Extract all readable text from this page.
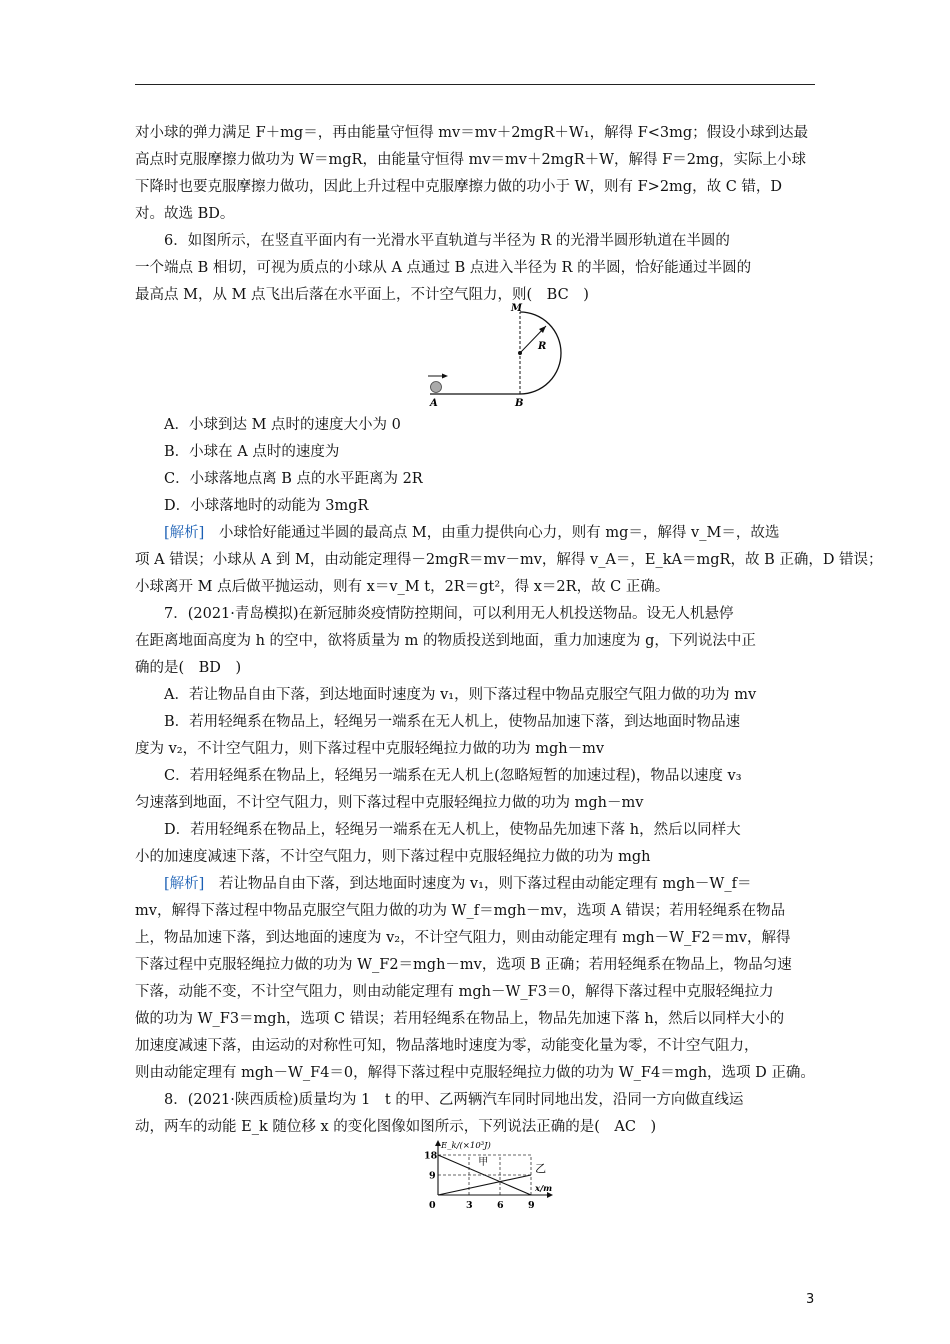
对小球的弹力满足 F＋mg＝，再由能量守恒得 mv＝mv＋2mgR＋W₁，解得 F<3mg；假设小球到达最
高点时克服摩擦力做功为 W＝mgR，由能量守恒得 mv＝mv＋2mgR＋W，解得 F＝2mg，实际上小球
下降时也要克服摩擦力做功，因此上升过程中克服摩擦力做的功小于 W，则有 F>2mg，故 C 错，D
对。故选 BD。
6．如图所示，在竖直平面内有一光滑水平直轨道与半径为 R 的光滑半圆形轨道在半圆的
一个端点 B 相切，可视为质点的小球从 A 点通过 B 点进入半径为 R 的半圆，恰好能通过半圆的
最高点 M，从 M 点飞出后落在水平面上，不计空气阻力，则(　BC　)
M
R
A	B
A．小球到达 M 点时的速度大小为 0
B．小球在 A 点时的速度为
C．小球落地点离 B 点的水平距离为 2R
D．小球落地时的动能为 3mgR
[解析]　 小球恰好能通过半圆的最高点 M，由重力提供向心力，则有 mg＝，解得 v_M＝，故选
项 A 错误；小球从 A 到 M，由动能定理得－2mgR＝mv－mv，解得 v_A＝，E_kA＝mgR，故 B 正确，D 错误；
小球离开 M 点后做平抛运动，则有 x＝v_M t，2R＝gt²，得 x＝2R，故 C 正确。
7．(2021·青岛模拟)在新冠肺炎疫情防控期间，可以利用无人机投送物品。设无人机悬停
在距离地面高度为 h 的空中，欲将质量为 m 的物质投送到地面，重力加速度为 g，下列说法中正
确的是(　BD　)
A．若让物品自由下落，到达地面时速度为 v₁，则下落过程中物品克服空气阻力做的功为 mv
B．若用轻绳系在物品上，轻绳另一端系在无人机上，使物品加速下落，到达地面时物品速
度为 v₂，不计空气阻力，则下落过程中克服轻绳拉力做的功为 mgh－mv
C．若用轻绳系在物品上，轻绳另一端系在无人机上(忽略短暂的加速过程)，物品以速度 v₃
匀速落到地面，不计空气阻力，则下落过程中克服轻绳拉力做的功为 mgh－mv
D．若用轻绳系在物品上，轻绳另一端系在无人机上，使物品先加速下落 h，然后以同样大
小的加速度减速下落，不计空气阻力，则下落过程中克服轻绳拉力做的功为 mgh
[解析]　 若让物品自由下落，到达地面时速度为 v₁，则下落过程由动能定理有 mgh－W_f＝
mv，解得下落过程中物品克服空气阻力做的功为 W_f＝mgh－mv，选项 A 错误；若用轻绳系在物品
上，物品加速下落，到达地面的速度为 v₂，不计空气阻力，则由动能定理有 mgh－W_F2＝mv，解得
下落过程中克服轻绳拉力做的功为 W_F2＝mgh－mv，选项 B 正确；若用轻绳系在物品上，物品匀速
下落，动能不变，不计空气阻力，则由动能定理有 mgh－W_F3＝0，解得下落过程中克服轻绳拉力
做的功为 W_F3＝mgh，选项 C 错误；若用轻绳系在物品上，物品先加速下落 h，然后以同样大小的
加速度减速下落，由运动的对称性可知，物品落地时速度为零，动能变化量为零，不计空气阻力，
则由动能定理有 mgh－W_F4＝0，解得下落过程中克服轻绳拉力做的功为 W_F4＝mgh，选项 D 正确。
8．(2021·陕西质检)质量均为 1　t 的甲、乙两辆汽车同时同地出发，沿同一方向做直线运
动，两车的动能 E_k 随位移 x 的变化图像如图所示，下列说法正确的是(　AC　)
甲	乙
0	3	6	9
9
18
E_k/(×10³J)
x/m
3
